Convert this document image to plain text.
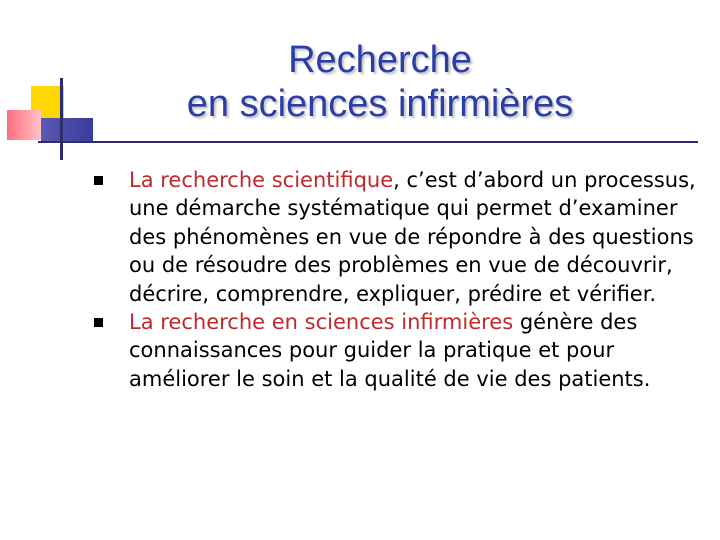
Recherche
en sciences infirmières

La recherche scientifique, c’est d’abord un processus, une démarche systématique qui permet d’examiner des phénomènes en vue de répondre à des questions ou de résoudre des problèmes en vue de découvrir, décrire, comprendre, expliquer, prédire et vérifier.

La recherche en sciences infirmières génère des connaissances pour guider la pratique et pour améliorer le soin et la qualité de vie des patients.
